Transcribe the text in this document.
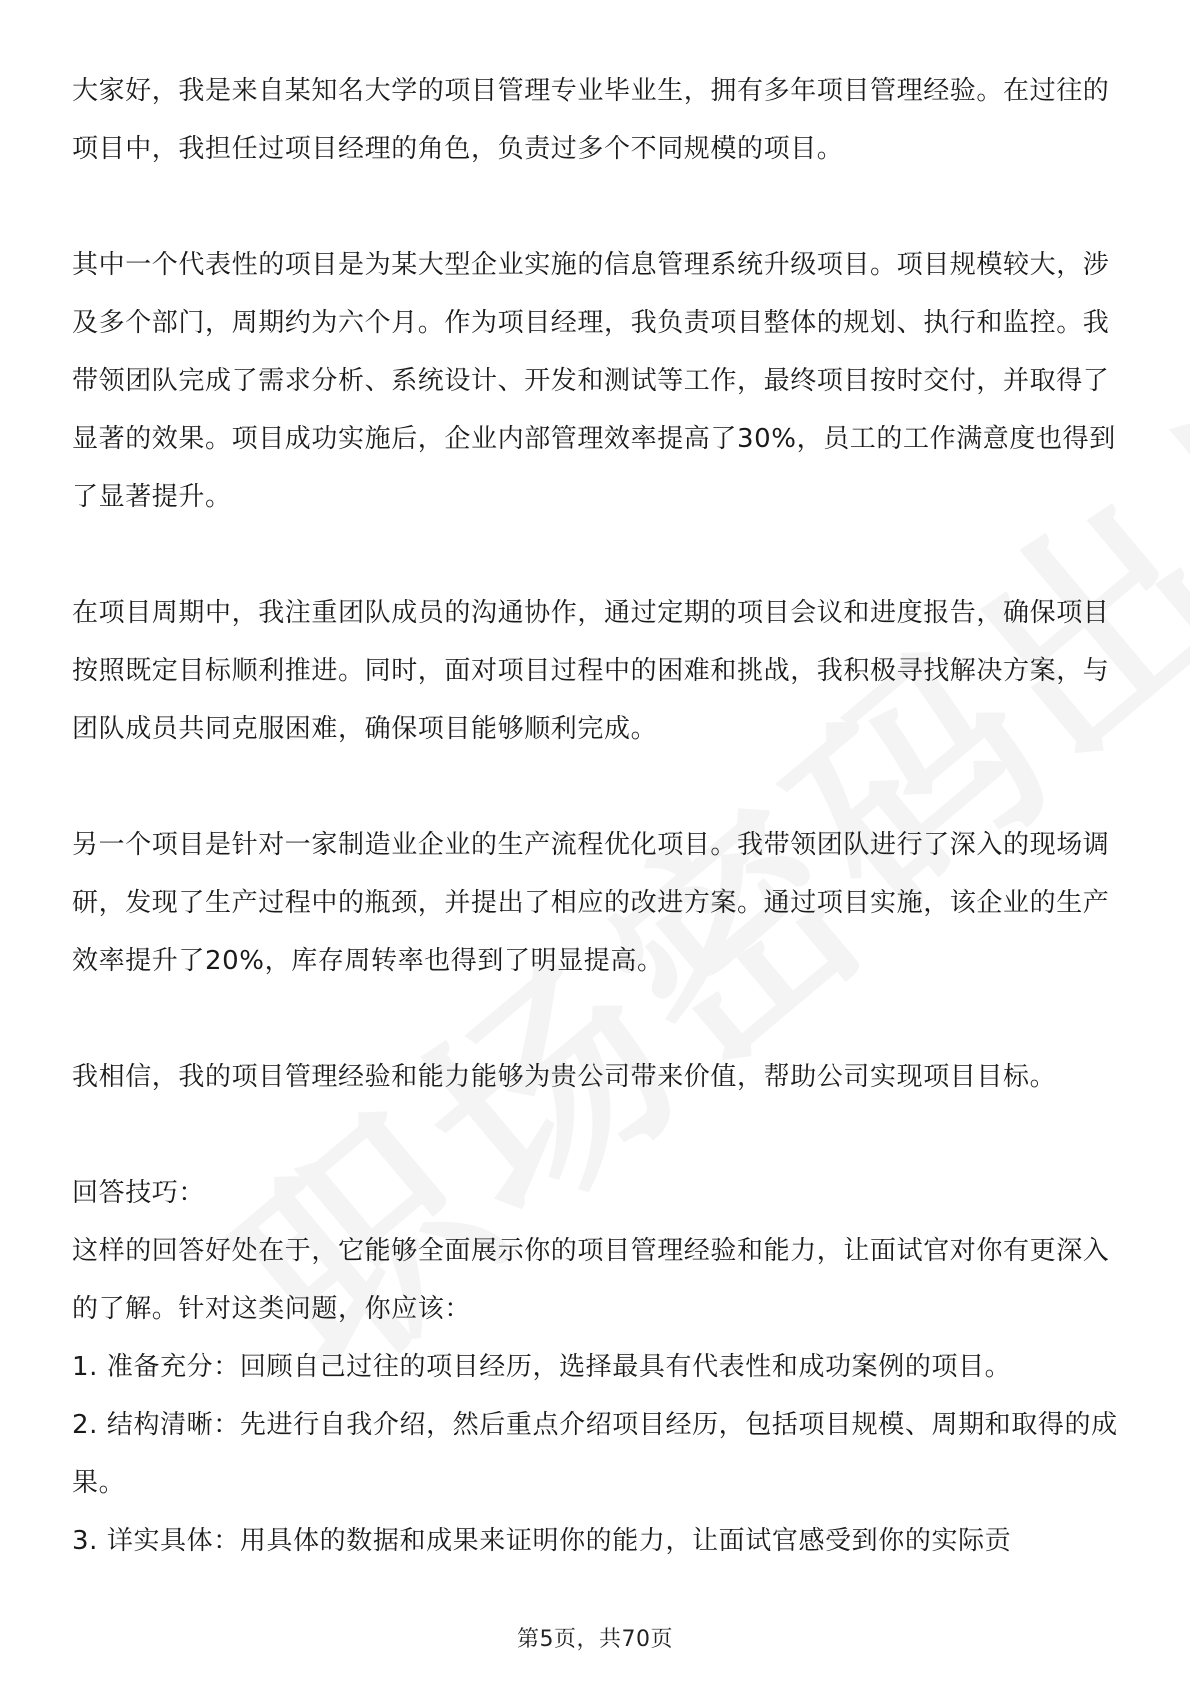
大家好，我是来自某知名大学的项目管理专业毕业生，拥有多年项目管理经验。在过往的项目中，我担任过项目经理的角色，负责过多个不同规模的项目。

其中一个代表性的项目是为某大型企业实施的信息管理系统升级项目。项目规模较大，涉及多个部门，周期约为六个月。作为项目经理，我负责项目整体的规划、执行和监控。我带领团队完成了需求分析、系统设计、开发和测试等工作，最终项目按时交付，并取得了显著的效果。项目成功实施后，企业内部管理效率提高了30%，员工的工作满意度也得到了显著提升。

在项目周期中，我注重团队成员的沟通协作，通过定期的项目会议和进度报告，确保项目按照既定目标顺利推进。同时，面对项目过程中的困难和挑战，我积极寻找解决方案，与团队成员共同克服困难，确保项目能够顺利完成。

另一个项目是针对一家制造业企业的生产流程优化项目。我带领团队进行了深入的现场调研，发现了生产过程中的瓶颈，并提出了相应的改进方案。通过项目实施，该企业的生产效率提升了20%，库存周转率也得到了明显提高。

我相信，我的项目管理经验和能力能够为贵公司带来价值，帮助公司实现项目目标。

回答技巧：

这样的回答好处在于，它能够全面展示你的项目管理经验和能力，让面试官对你有更深入的了解。针对这类问题，你应该：

1. 准备充分：回顾自己过往的项目经历，选择最具有代表性和成功案例的项目。

2. 结构清晰：先进行自我介绍，然后重点介绍项目经历，包括项目规模、周期和取得的成果。

3. 详实具体：用具体的数据和成果来证明你的能力，让面试官感受到你的实际贡

第5页，共70页
